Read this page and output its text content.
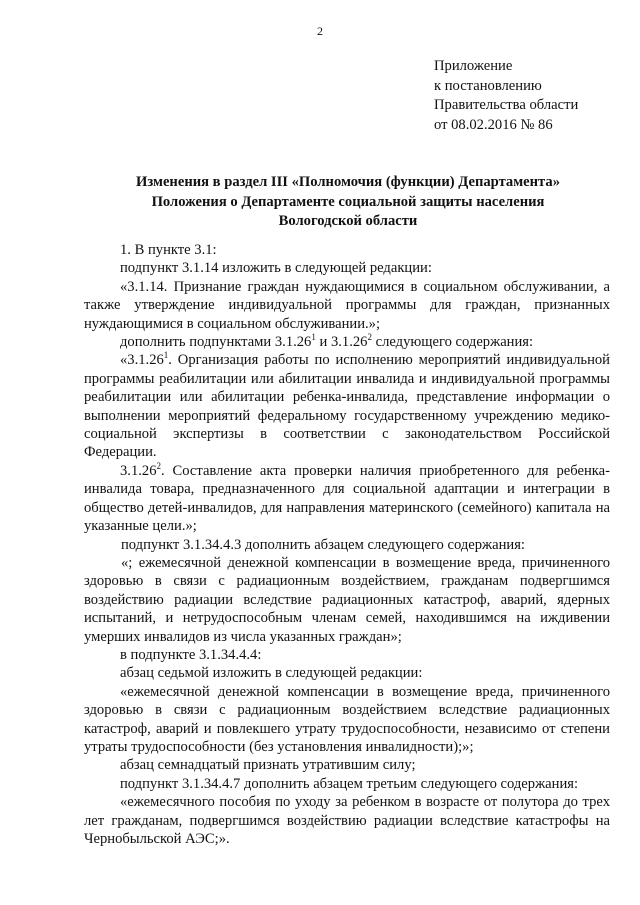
2
Приложение
к постановлению
Правительства области
от 08.02.2016 № 86
Изменения в раздел III «Полномочия (функции) Департамента»
Положения о Департаменте социальной защиты населения
Вологодской области

1. В пункте 3.1:

подпункт 3.1.14 изложить в следующей редакции:

«3.1.14. Признание граждан нуждающимися в социальном обслуживании, а также утверждение индивидуальной программы для граждан, признанных нуждающимися в социальном обслуживании.»;

дополнить подпунктами 3.1.26$^1$ и 3.1.26$^2$ следующего содержания:

«3.1.26$^1$. Организация работы по исполнению мероприятий индивидуальной программы реабилитации или абилитации инвалида и индивидуальной программы реабилитации или абилитации ребенка-инвалида, представление информации о выполнении мероприятий федеральному государственному учреждению медико-социальной экспертизы в соответствии с законодательством Российской Федерации.

3.1.26$^2$. Составление акта проверки наличия приобретенного для ребенка-инвалида товара, предназначенного для социальной адаптации и интеграции в общество детей-инвалидов, для направления материнского (семейного) капитала на указанные цели.»;

подпункт 3.1.34.4.3 дополнить абзацем следующего содержания:

«; ежемесячной денежной компенсации в возмещение вреда, причиненного здоровью в связи с радиационным воздействием, гражданам подвергшимся воздействию радиации вследствие радиационных катастроф, аварий, ядерных испытаний, и нетрудоспособным членам семей, находившимся на иждивении умерших инвалидов из числа указанных граждан»;

в подпункте 3.1.34.4.4:

абзац седьмой изложить в следующей редакции:

«ежемесячной денежной компенсации в возмещение вреда, причиненного здоровью в связи с радиационным воздействием вследствие радиационных катастроф, аварий и повлекшего утрату трудоспособности, независимо от степени утраты трудоспособности (без установления инвалидности);»;

абзац семнадцатый признать утратившим силу;

подпункт 3.1.34.4.7 дополнить абзацем третьим следующего содержания:

«ежемесячного пособия по уходу за ребенком в возрасте от полутора до трех лет гражданам, подвергшимся воздействию радиации вследствие катастрофы на Чернобыльской АЭС;».
